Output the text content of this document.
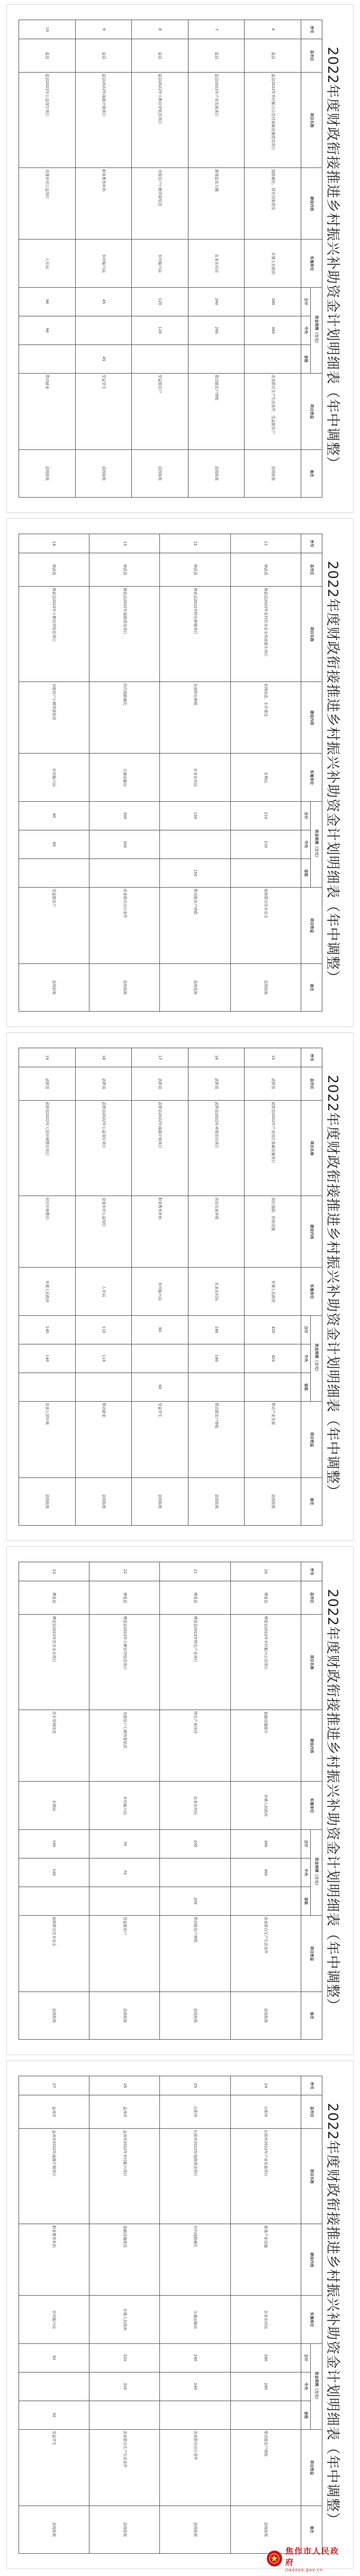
2022年度财政衔接推进乡村振兴补助资金计划明细表（年中调整）
序号	县市区	项目名称	建设内容	实施单位	资金规模（万元）			项目效益	备注
					合计	中央	省级		
6	温县	温县2022年乡村振兴示范村基础设施建设项目	道路硬化、排水沟渠建设	乡镇人民政府	380	380		改善群众生产生活条件，受益脱贫户	县级报账
7	温县	温县2022年产业发展项目	新建温室大棚	农业农村局	260	260		带动脱贫户增收	县级报账
8	温县	温县2022年小额信贷贴息项目	对脱贫户小额贷款贴息	乡村振兴局	120	120		受益脱贫户	县级报账
9	温县	温县2022年雨露计划项目	职业教育补助	乡村振兴局	45		45	受益学生	县级报账
10	温县	温县2022年公益岗位项目	设置乡村公益岗位	人社局	96	96		带动就业	县级报账
2022年度财政衔接推进乡村振兴补助资金计划明细表（年中调整）
序号	县市区	项目名称	建设内容	实施单位	资金规模（万元）			项目效益	备注
					合计	中央	省级		
11	修武县	修武县2022年农村饮水安全巩固提升项目	管网改造、水井建设	水利局	210	210		保障群众饮水安全	县级报账
12	修武县	修武县2022年特色种植项目	发展特色种植	农业农村局	150		150	带动脱贫户增收	县级报账
13	修武县	修武县2022年道路建设项目	村内道路硬化	交通运输局	300	300		改善群众出行条件	县级报账
14	修武县	修武县2022年小额信贷贴息项目	对脱贫户小额贷款贴息	乡村振兴局	80	80		受益脱贫户	县级报账
2022年度财政衔接推进乡村振兴补助资金计划明细表（年中调整）
序号	县市区	项目名称	建设内容	实施单位	资金规模（万元）			项目效益	备注
					合计	中央	省级		
15	武陟县	武陟县2022年产业园区基础设施项目	园区道路、供电设施	乡镇人民政府	420	420		带动产业发展	县级报账
16	武陟县	武陟县2022年养殖扶持项目	扶持发展养殖	农业农村局	180	180		带动脱贫户增收	县级报账
17	武陟县	武陟县2022年雨露计划项目	职业教育补助	乡村振兴局	60		60	受益学生	县级报账
18	武陟县	武陟县2022年公益岗位项目	设置乡村公益岗位	人社局	110	110		带动就业	县级报账
19	武陟县	武陟县2022年人居环境整治项目	村庄环境整治	乡镇人民政府	140	140		改善人居环境	县级报账
2022年度财政衔接推进乡村振兴补助资金计划明细表（年中调整）
序号	县市区	项目名称	建设内容	实施单位	资金规模（万元）			项目效益	备注
					合计	中央	省级		
20	博爱县	博爱县2022年乡村振兴示范项目	基础设施提升	乡镇人民政府	360	360		改善群众生产生活条件	县级报账
21	博爱县	博爱县2022年特色产业项目	特色产业扶持	农业农村局	200		200	带动脱贫户增收	县级报账
22	博爱县	博爱县2022年小额信贷贴息项目	对脱贫户小额贷款贴息	乡村振兴局	70	70		受益脱贫户	县级报账
23	博爱县	博爱县2022年饮水安全项目	供水管网改造	水利局	160	160		保障群众饮水安全	县级报账
2022年度财政衔接推进乡村振兴补助资金计划明细表（年中调整）
序号	县市区	项目名称	建设内容	实施单位	资金规模（万元）			项目效益	备注
					合计	中央	省级		
24	沁阳市	沁阳市2022年产业发展项目	新建产业设施	农业农村局	280	280		带动脱贫户增收	县级报账
25	沁阳市	沁阳市2022年道路建设项目	村内道路硬化	交通运输局	240	240		改善群众出行条件	县级报账
26	孟州市	孟州市2022年乡村振兴项目	基础设施建设	乡镇人民政府	320	320		改善群众生产生活条件	县级报账
27	孟州市	孟州市2022年雨露计划项目	职业教育补助	乡村振兴局	50		50	受益学生	县级报账
焦作市人民政府
jiaozuo.gov.cn
